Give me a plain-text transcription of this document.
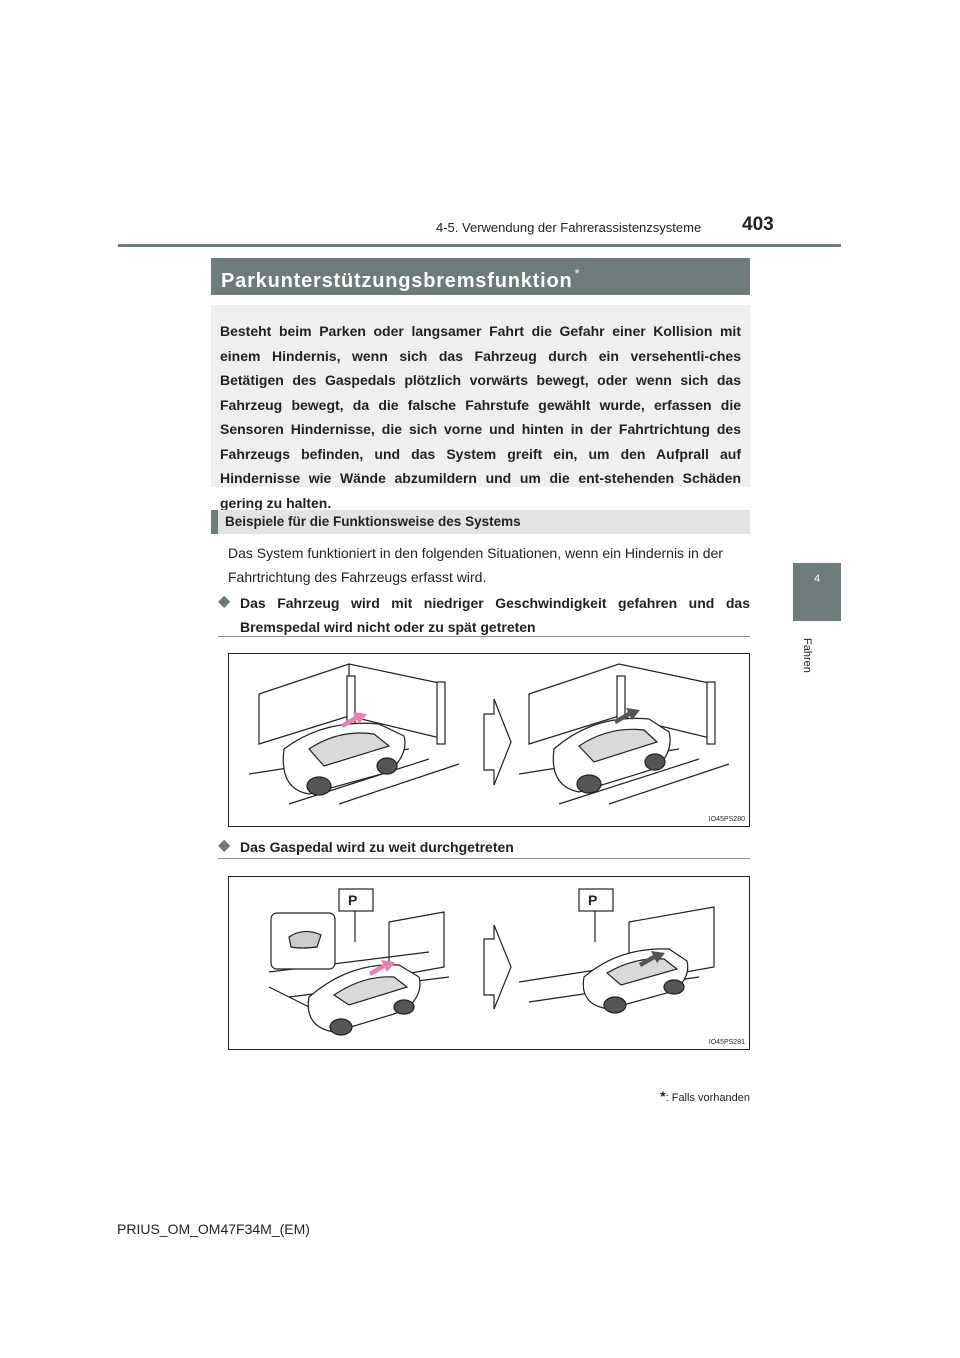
4-5. Verwendung der Fahrerassistenzsysteme 403
4
Fahren
Parkunterstützungsbremsfunktion *
Besteht beim Parken oder langsamer Fahrt die Gefahr einer Kollision mit einem Hindernis, wenn sich das Fahrzeug durch ein versehentli-ches Betätigen des Gaspedals plötzlich vorwärts bewegt, oder wenn sich das Fahrzeug bewegt, da die falsche Fahrstufe gewählt wurde, erfassen die Sensoren Hindernisse, die sich vorne und hinten in der Fahrtrichtung des Fahrzeugs befinden, und das System greift ein, um den Aufprall auf Hindernisse wie Wände abzumildern und um die ent-stehenden Schäden gering zu halten.
Beispiele für die Funktionsweise des Systems
Das System funktioniert in den folgenden Situationen, wenn ein Hindernis in der Fahrtrichtung des Fahrzeugs erfasst wird.
◆ Das Fahrzeug wird mit niedriger Geschwindigkeit gefahren und das Bremspedal wird nicht oder zu spät getreten
IO45PS280
◆ Das Gaspedal wird zu weit durchgetreten
P	P
IO45PS281
*: Falls vorhanden
PRIUS_OM_OM47F34M_(EM)
